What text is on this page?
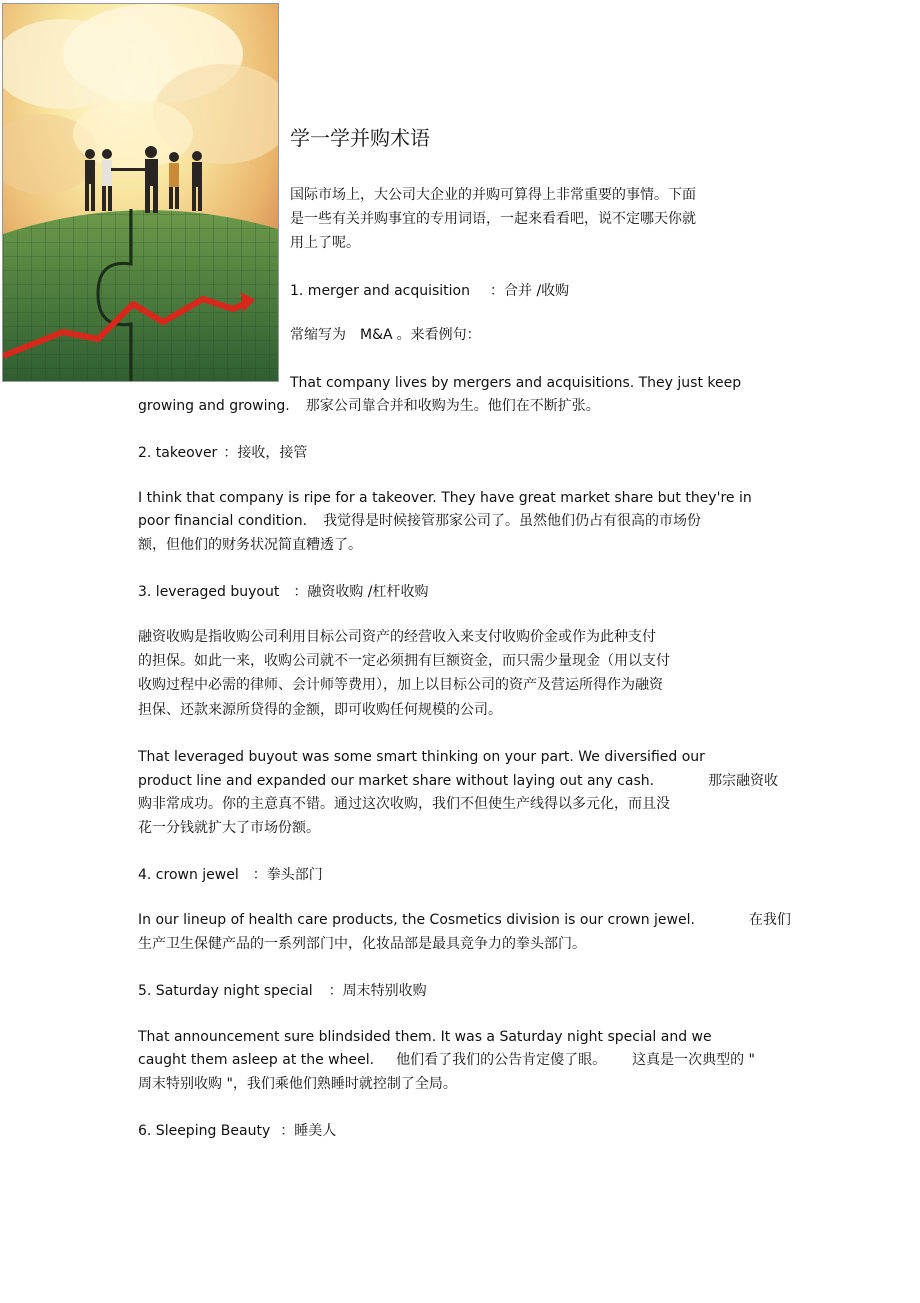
学一学并购术语
国际市场上，大公司大企业的并购可算得上非常重要的事情。下面
是一些有关并购事宜的专用词语，一起来看看吧，说不定哪天你就
用上了呢。
1. merger and acquisition ：合并 /收购
常缩写为 M&A 。来看例句：
That company lives by mergers and acquisitions. They just keep
growing and growing. 那家公司靠合并和收购为生。他们在不断扩张。
2. takeover ：接收，接管
I think that company is ripe for a takeover. They have great market share but they're in
poor financial condition. 我觉得是时候接管那家公司了。虽然他们仍占有很高的市场份
额，但他们的财务状况简直糟透了。
3. leveraged buyout ：融资收购 /杠杆收购
融资收购是指收购公司利用目标公司资产的经营收入来支付收购价金或作为此种支付
的担保。如此一来，收购公司就不一定必须拥有巨额资金，而只需少量现金（用以支付
收购过程中必需的律师、会计师等费用），加上以目标公司的资产及营运所得作为融资
担保、还款来源所贷得的金额，即可收购任何规模的公司。
That leveraged buyout was some smart thinking on your part. We diversified our
product line and expanded our market share without laying out any cash.	那宗融资收
购非常成功。你的主意真不错。通过这次收购，我们不但使生产线得以多元化，而且没
花一分钱就扩大了市场份额。
4. crown jewel ：拳头部门
In our lineup of health care products, the Cosmetics division is our crown jewel.	在我们
生产卫生保健产品的一系列部门中，化妆品部是最具竞争力的拳头部门。
5. Saturday night special ：周末特别收购
That announcement sure blindsided them. It was a Saturday night special and we
caught them asleep at the wheel. 他们看了我们的公告肯定傻了眼。 这真是一次典型的 "
周末特别收购 "，我们乘他们熟睡时就控制了全局。
6. Sleeping Beauty ：睡美人
